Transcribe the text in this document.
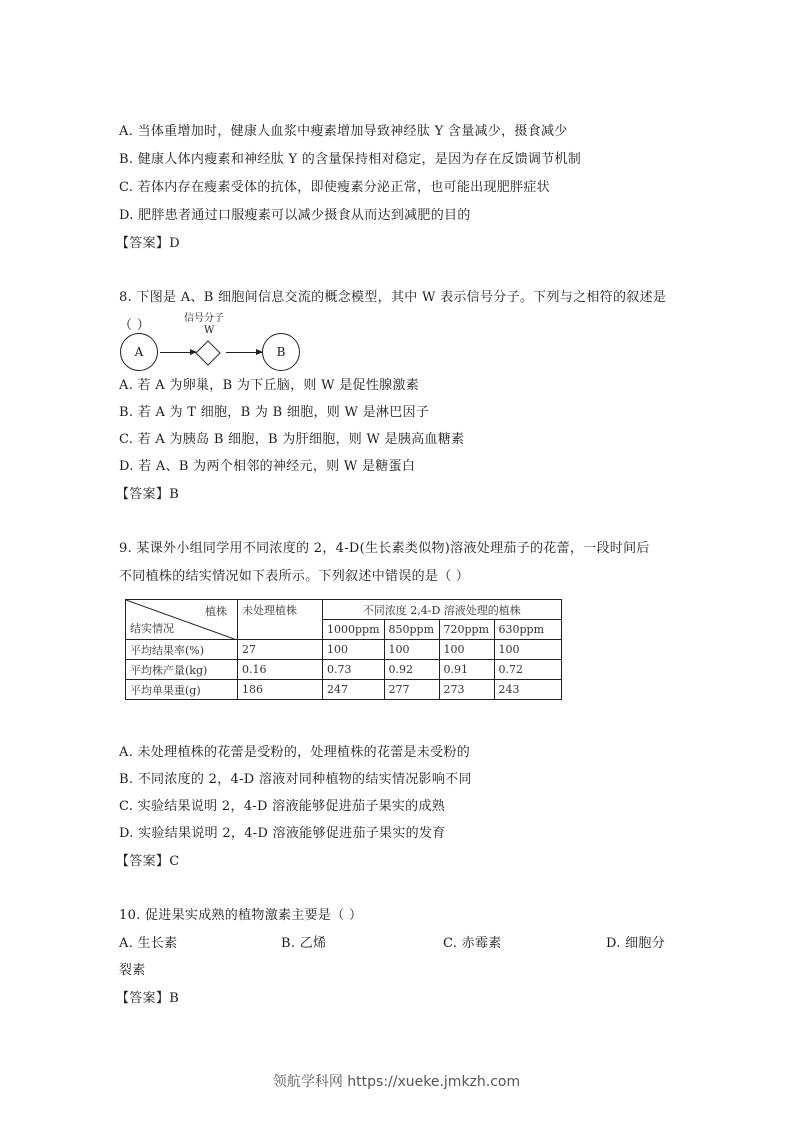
A. 当体重增加时，健康人血浆中瘦素增加导致神经肽 Y 含量减少，摄食减少
B. 健康人体内瘦素和神经肽 Y 的含量保持相对稳定，是因为存在反馈调节机制
C. 若体内存在瘦素受体的抗体，即使瘦素分泌正常，也可能出现肥胖症状
D. 肥胖患者通过口服瘦素可以减少摄食从而达到减肥的目的
【答案】D
8. 下图是 A、B 细胞间信息交流的概念模型，其中 W 表示信号分子。下列与之相符的叙述是
（ ）
A
信号分子
W
B
A. 若 A 为卵巢，B 为下丘脑，则 W 是促性腺激素
B. 若 A 为 T 细胞，B 为 B 细胞，则 W 是淋巴因子
C. 若 A 为胰岛 B 细胞，B 为肝细胞，则 W 是胰高血糖素
D. 若 A、B 为两个相邻的神经元，则 W 是糖蛋白
【答案】B
9. 某课外小组同学用不同浓度的 2，4-D(生长素类似物)溶液处理茄子的花蕾，一段时间后
不同植株的结实情况如下表所示。下列叙述中错误的是（ ）
植株
结实情况	未处理植株	不同浓度 2,4-D 溶液处理的植株			
		1000ppm	850ppm	720ppm	630ppm
平均结果率(%)	27	100	100	100	100
平均株产量(kg)	0.16	0.73	0.92	0.91	0.72
平均单果重(g)	186	247	277	273	243
A. 未处理植株的花蕾是受粉的，处理植株的花蕾是未受粉的
B. 不同浓度的 2，4-D 溶液对同种植物的结实情况影响不同
C. 实验结果说明 2，4-D 溶液能够促进茄子果实的成熟
D. 实验结果说明 2，4-D 溶液能够促进茄子果实的发育
【答案】C
10. 促进果实成熟的植物激素主要是（ ）
A. 生长素	B. 乙烯	C. 赤霉素	D. 细胞分
裂素
【答案】B
领航学科网 https://xueke.jmkzh.com
